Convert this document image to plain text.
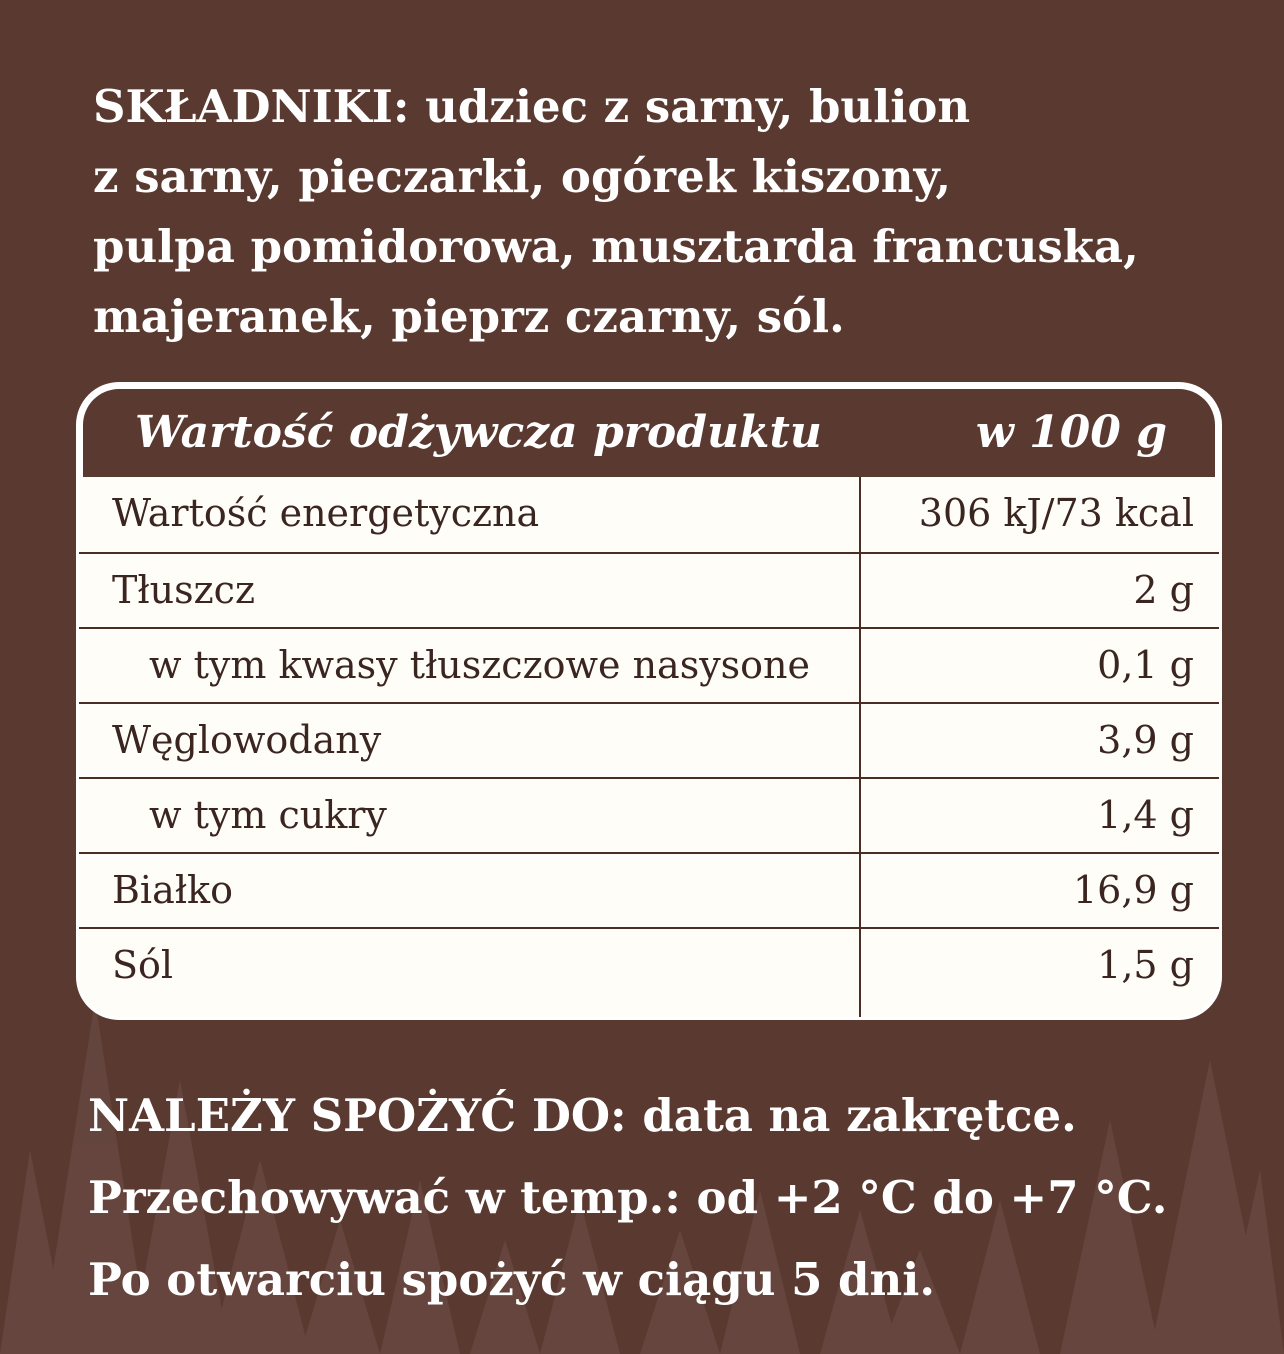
SKŁADNIKI: udziec z sarny, bulion
z sarny, pieczarki, ogórek kiszony,
pulpa pomidorowa, musztarda francuska,
majeranek, pieprz czarny, sól.
Wartość odżywcza produktu	w 100 g
Wartość energetyczna	306 kJ/73 kcal
Tłuszcz	2 g
w tym kwasy tłuszczowe nasysone	0,1 g
Węglowodany	3,9 g
w tym cukry	1,4 g
Białko	16,9 g
Sól	1,5 g
NALEŻY SPOŻYĆ DO: data na zakrętce.
Przechowywać w temp.: od +2 °C do +7 °C.
Po otwarciu spożyć w ciągu 5 dni.
